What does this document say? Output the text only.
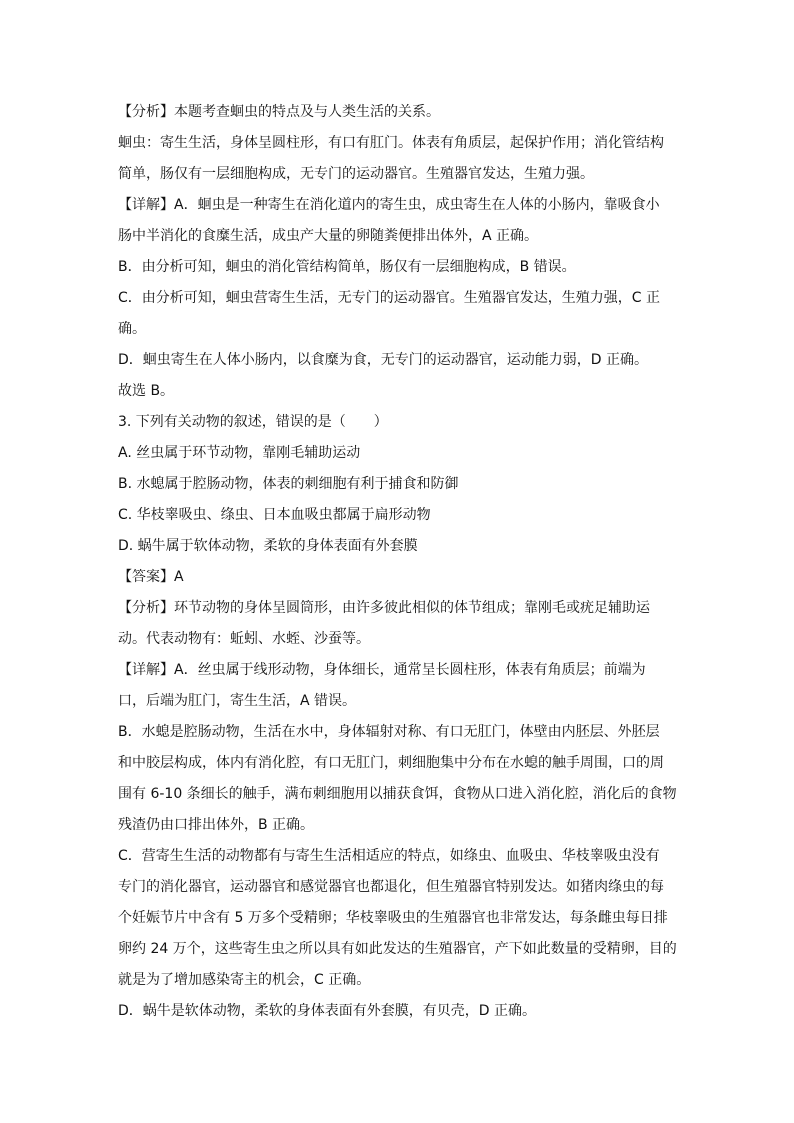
【分析】本题考查蛔虫的特点及与人类生活的关系。
蛔虫：寄生生活，身体呈圆柱形，有口有肛门。体表有角质层，起保护作用；消化管结构
简单，肠仅有一层细胞构成，无专门的运动器官。生殖器官发达，生殖力强。
【详解】A．蛔虫是一种寄生在消化道内的寄生虫，成虫寄生在人体的小肠内，靠吸食小
肠中半消化的食糜生活，成虫产大量的卵随粪便排出体外，A 正确。
B．由分析可知，蛔虫的消化管结构简单，肠仅有一层细胞构成，B 错误。
C．由分析可知，蛔虫营寄生生活，无专门的运动器官。生殖器官发达，生殖力强，C 正
确。
D．蛔虫寄生在人体小肠内，以食糜为食，无专门的运动器官，运动能力弱，D 正确。
故选 B。
3. 下列有关动物的叙述，错误的是（　　）
A. 丝虫属于环节动物，靠刚毛辅助运动
B. 水螅属于腔肠动物，体表的刺细胞有利于捕食和防御
C. 华枝睾吸虫、绦虫、日本血吸虫都属于扁形动物
D. 蜗牛属于软体动物，柔软的身体表面有外套膜
【答案】A
【分析】环节动物的身体呈圆筒形，由许多彼此相似的体节组成；靠刚毛或疣足辅助运
动。代表动物有：蚯蚓、水蛭、沙蚕等。
【详解】A．丝虫属于线形动物，身体细长，通常呈长圆柱形，体表有角质层；前端为
口，后端为肛门，寄生生活，A 错误。
B．水螅是腔肠动物，生活在水中，身体辐射对称、有口无肛门，体壁由内胚层、外胚层
和中胶层构成，体内有消化腔，有口无肛门，刺细胞集中分布在水螅的触手周围，口的周
围有 6-10 条细长的触手，满布刺细胞用以捕获食饵，食物从口进入消化腔，消化后的食物
残渣仍由口排出体外，B 正确。
C．营寄生生活的动物都有与寄生生活相适应的特点，如绦虫、血吸虫、华枝睾吸虫没有
专门的消化器官，运动器官和感觉器官也都退化，但生殖器官特别发达。如猪肉绦虫的每
个妊娠节片中含有 5 万多个受精卵；华枝睾吸虫的生殖器官也非常发达，每条雌虫每日排
卵约 24 万个，这些寄生虫之所以具有如此发达的生殖器官，产下如此数量的受精卵，目的
就是为了增加感染寄主的机会，C 正确。
D．蜗牛是软体动物，柔软的身体表面有外套膜，有贝壳，D 正确。
